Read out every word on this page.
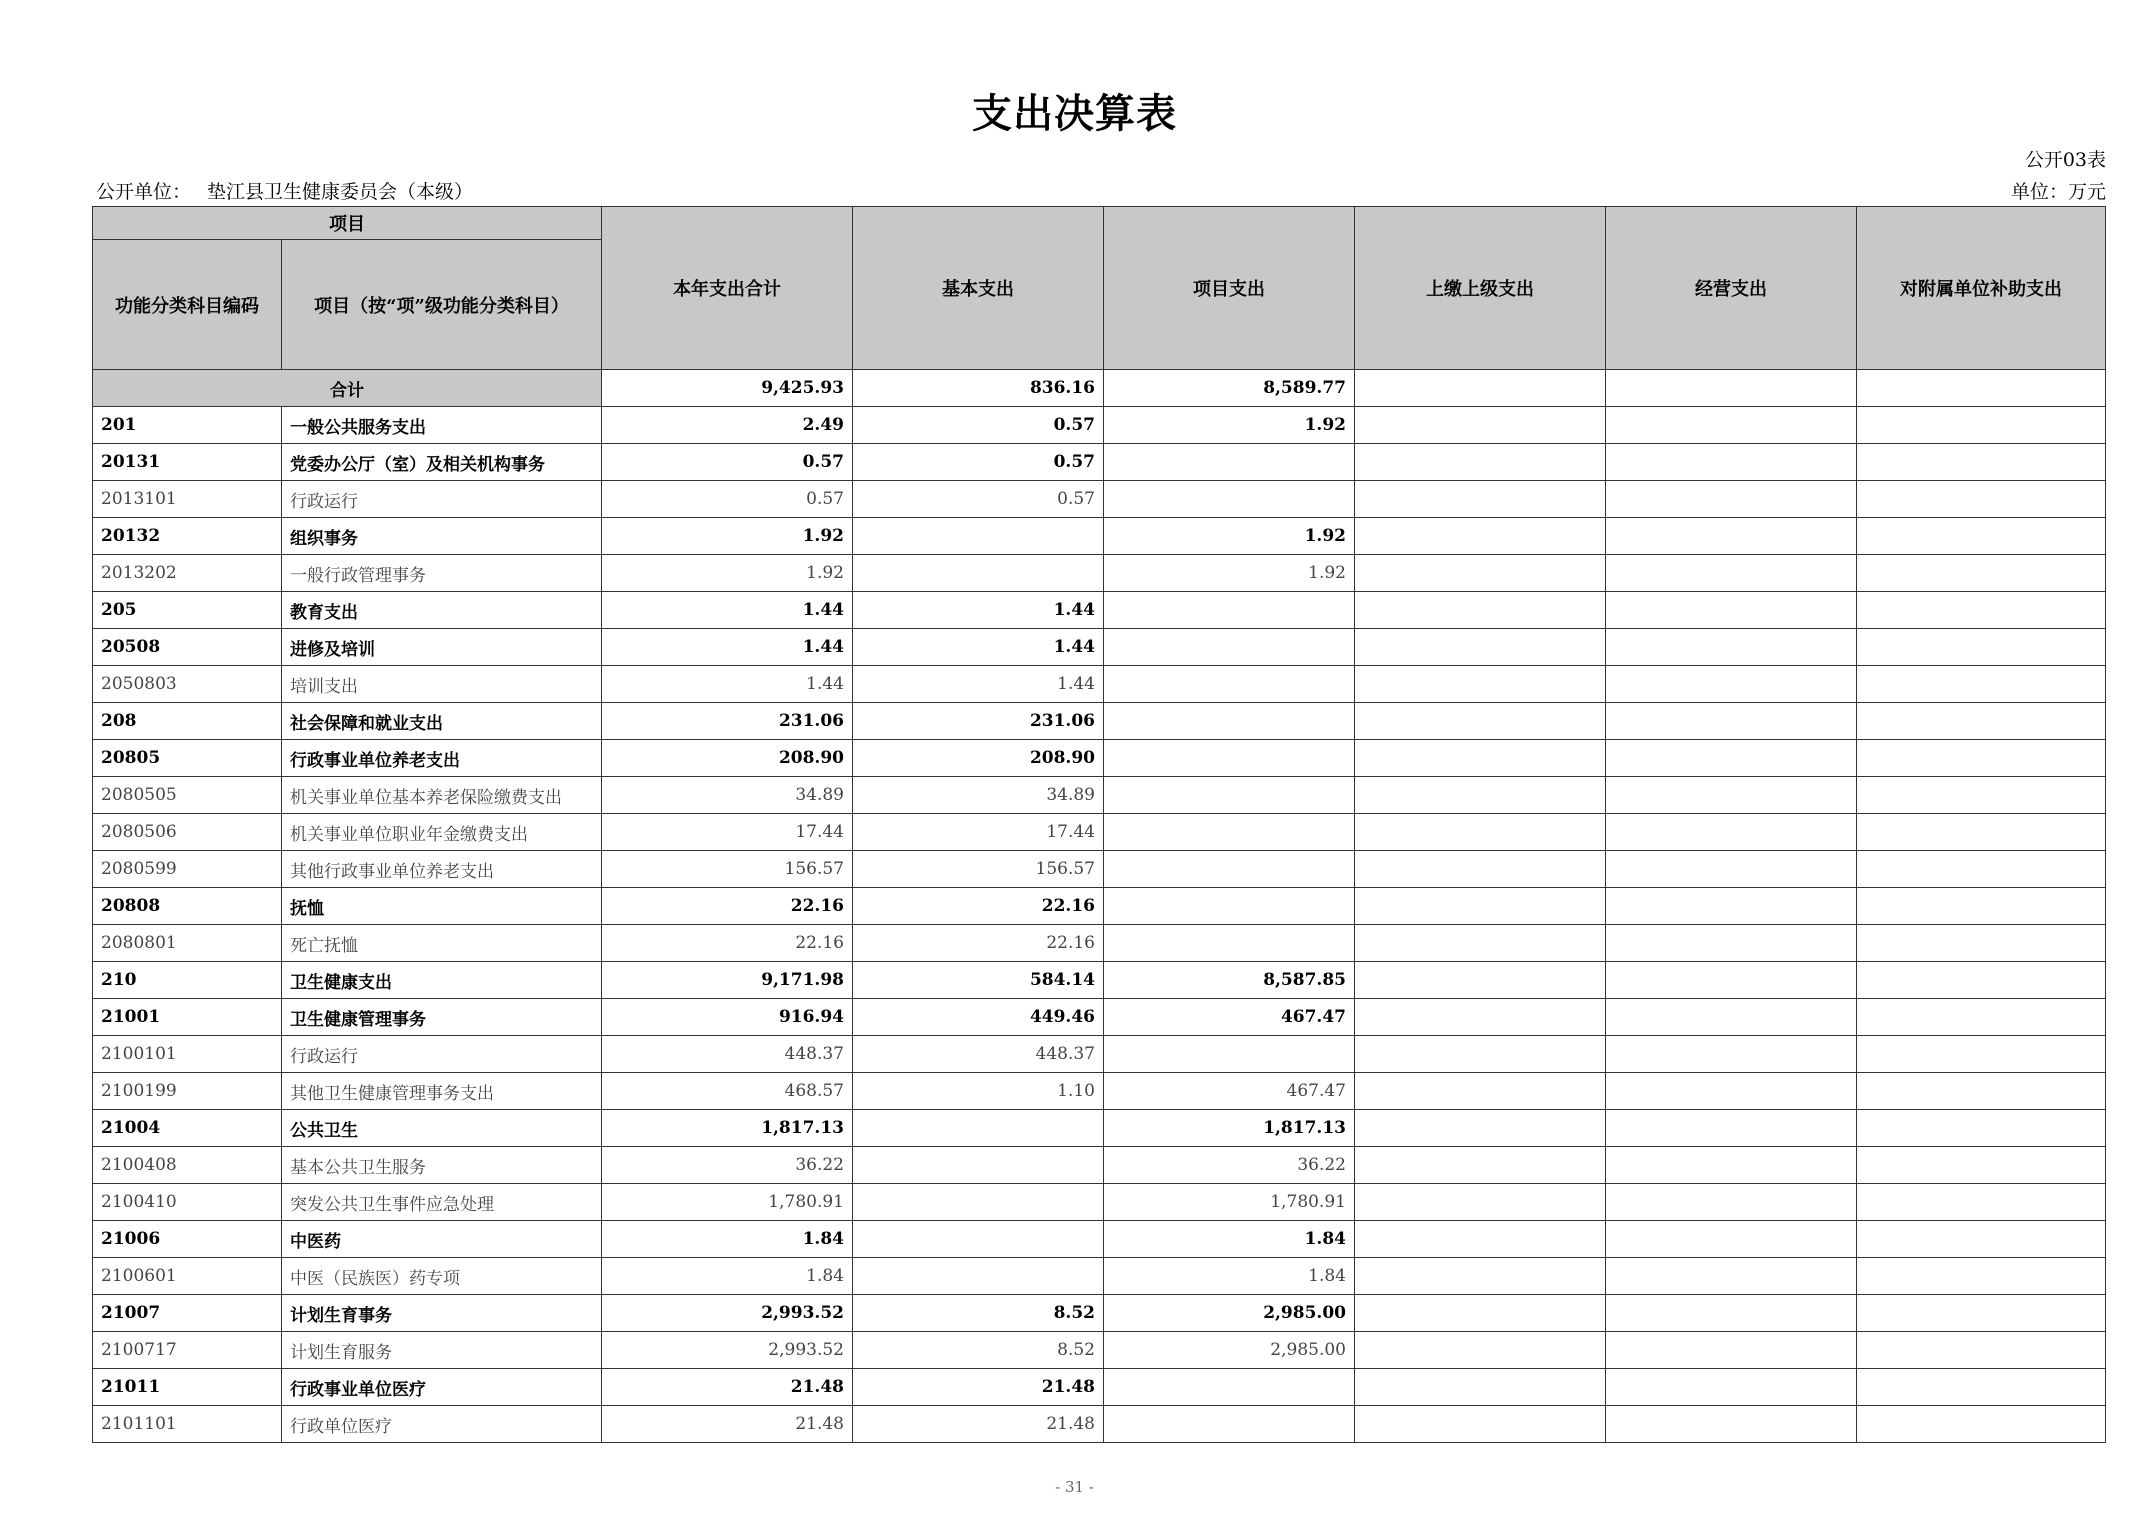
支出决算表
公开03表
公开单位： 垫江县卫生健康委员会（本级）	单位：万元
项目		本年支出合计	基本支出	项目支出	上缴上级支出	经营支出	对附属单位补助支出
功能分类科目编码	项目（按“项”级功能分类科目）						
合计		9,425.93	836.16	8,589.77			
201	一般公共服务支出	2.49	0.57	1.92			
20131	党委办公厅（室）及相关机构事务	0.57	0.57				
2013101	行政运行	0.57	0.57				
20132	组织事务	1.92		1.92			
2013202	一般行政管理事务	1.92		1.92			
205	教育支出	1.44	1.44				
20508	进修及培训	1.44	1.44				
2050803	培训支出	1.44	1.44				
208	社会保障和就业支出	231.06	231.06				
20805	行政事业单位养老支出	208.90	208.90				
2080505	机关事业单位基本养老保险缴费支出	34.89	34.89				
2080506	机关事业单位职业年金缴费支出	17.44	17.44				
2080599	其他行政事业单位养老支出	156.57	156.57				
20808	抚恤	22.16	22.16				
2080801	死亡抚恤	22.16	22.16				
210	卫生健康支出	9,171.98	584.14	8,587.85			
21001	卫生健康管理事务	916.94	449.46	467.47			
2100101	行政运行	448.37	448.37				
2100199	其他卫生健康管理事务支出	468.57	1.10	467.47			
21004	公共卫生	1,817.13		1,817.13			
2100408	基本公共卫生服务	36.22		36.22			
2100410	突发公共卫生事件应急处理	1,780.91		1,780.91			
21006	中医药	1.84		1.84			
2100601	中医（民族医）药专项	1.84		1.84			
21007	计划生育事务	2,993.52	8.52	2,985.00			
2100717	计划生育服务	2,993.52	8.52	2,985.00			
21011	行政事业单位医疗	21.48	21.48				
2101101	行政单位医疗	21.48	21.48				
- 31 -
